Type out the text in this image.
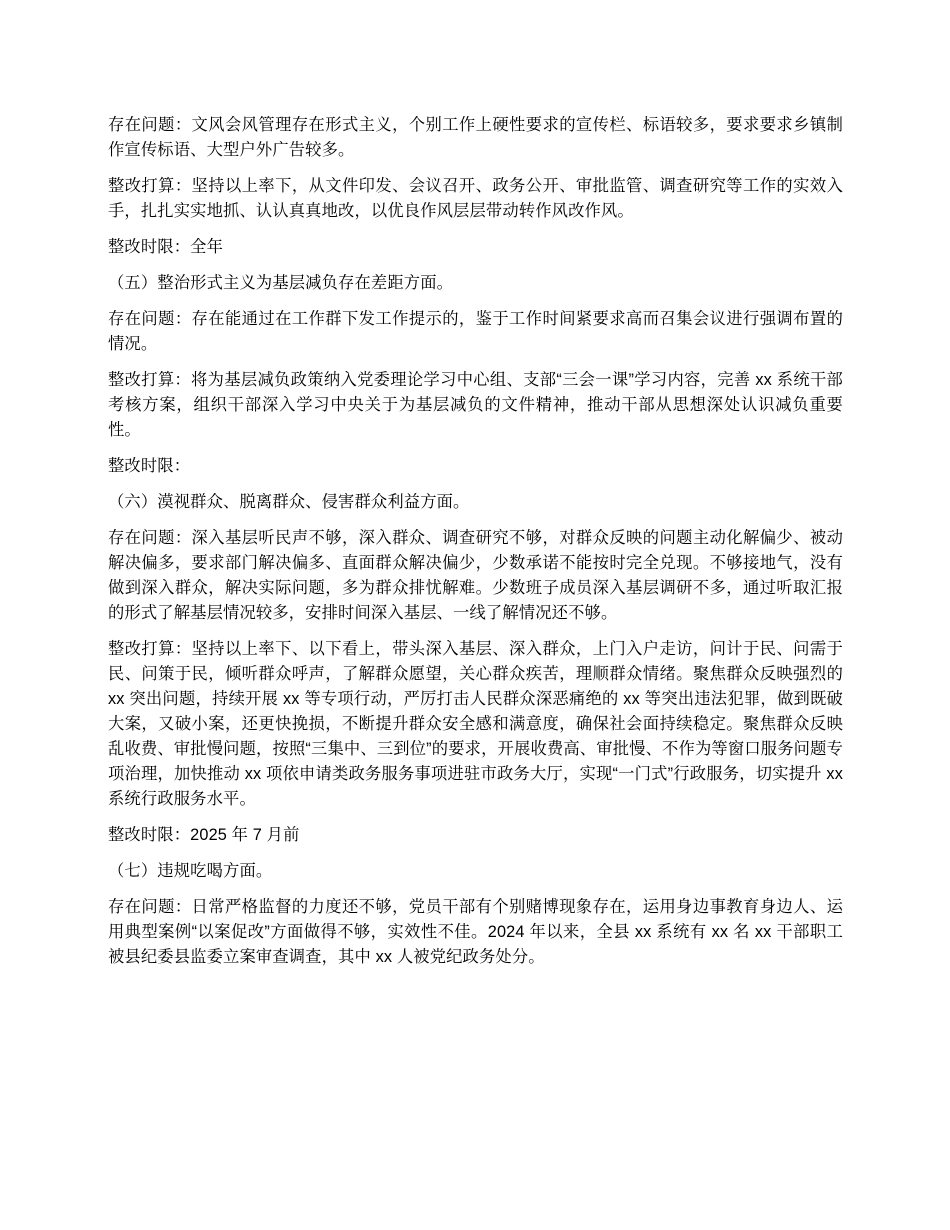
存在问题：文风会风管理存在形式主义，个别工作上硬性要求的宣传栏、标语较多，要求要求乡镇制作宣传标语、大型户外广告较多。

整改打算：坚持以上率下，从文件印发、会议召开、政务公开、审批监管、调查研究等工作的实效入手，扎扎实实地抓、认认真真地改，以优良作风层层带动转作风改作风。

整改时限：全年

（五）整治形式主义为基层减负存在差距方面。

存在问题：存在能通过在工作群下发工作提示的，鉴于工作时间紧要求高而召集会议进行强调布置的情况。

整改打算：将为基层减负政策纳入党委理论学习中心组、支部“三会一课”学习内容，完善 xx 系统干部考核方案，组织干部深入学习中央关于为基层减负的文件精神，推动干部从思想深处认识减负重要性。

整改时限：

（六）漠视群众、脱离群众、侵害群众利益方面。

存在问题：深入基层听民声不够，深入群众、调查研究不够，对群众反映的问题主动化解偏少、被动解决偏多，要求部门解决偏多、直面群众解决偏少，少数承诺不能按时完全兑现。不够接地气，没有做到深入群众，解决实际问题，多为群众排忧解难。少数班子成员深入基层调研不多，通过听取汇报的形式了解基层情况较多，安排时间深入基层、一线了解情况还不够。

整改打算：坚持以上率下、以下看上，带头深入基层、深入群众，上门入户走访，问计于民、问需于民、问策于民，倾听群众呼声，了解群众愿望，关心群众疾苦，理顺群众情绪。聚焦群众反映强烈的 xx 突出问题，持续开展 xx 等专项行动，严厉打击人民群众深恶痛绝的 xx 等突出违法犯罪，做到既破大案，又破小案，还更快挽损，不断提升群众安全感和满意度，确保社会面持续稳定。聚焦群众反映乱收费、审批慢问题，按照“三集中、三到位”的要求，开展收费高、审批慢、不作为等窗口服务问题专项治理，加快推动 xx 项依申请类政务服务事项进驻市政务大厅，实现“一门式”行政服务，切实提升 xx 系统行政服务水平。

整改时限：2025 年 7 月前

（七）违规吃喝方面。

存在问题：日常严格监督的力度还不够，党员干部有个别赌博现象存在，运用身边事教育身边人、运用典型案例“以案促改”方面做得不够，实效性不佳。2024 年以来，全县 xx 系统有 xx 名 xx 干部职工被县纪委县监委立案审查调查，其中 xx 人被党纪政务处分。
